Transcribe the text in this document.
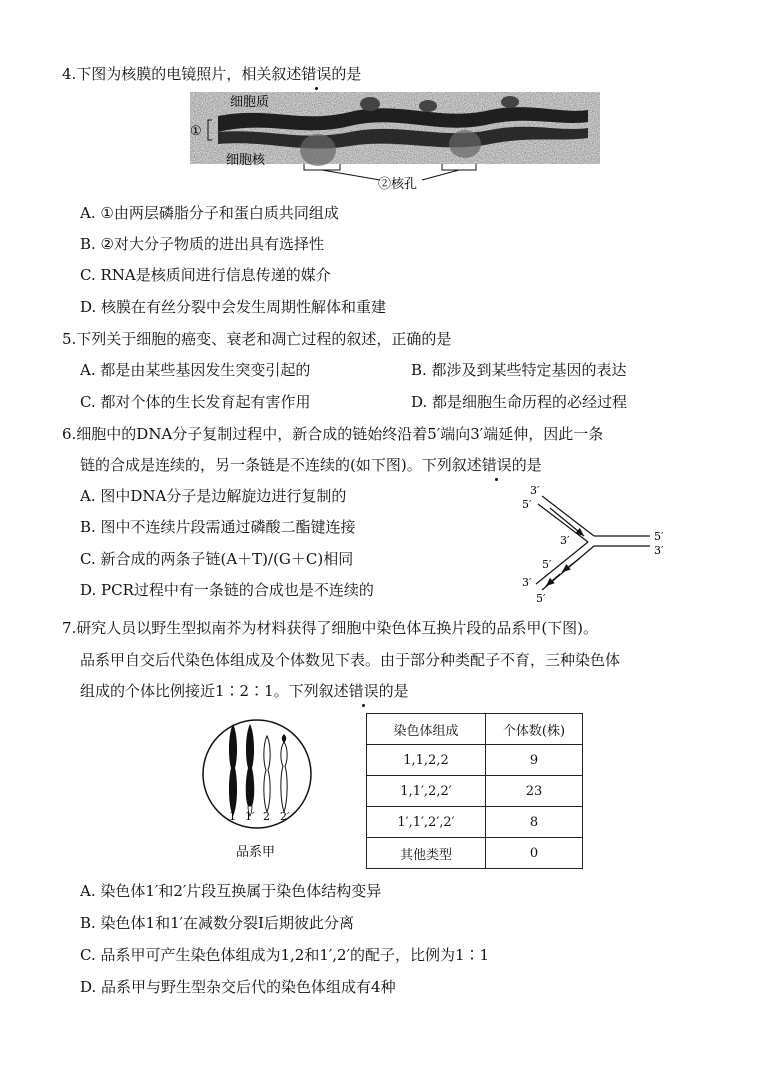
4.下图为核膜的电镜照片，相关叙述错误的是
细胞质
①
细胞核
②核孔
A. ①由两层磷脂分子和蛋白质共同组成
B. ②对大分子物质的进出具有选择性
C. RNA是核质间进行信息传递的媒介
D. 核膜在有丝分裂中会发生周期性解体和重建
5.下列关于细胞的癌变、衰老和凋亡过程的叙述，正确的是
A. 都是由某些基因发生突变引起的	B. 都涉及到某些特定基因的表达
C. 都对个体的生长发育起有害作用	D. 都是细胞生命历程的必经过程
6.细胞中的DNA分子复制过程中，新合成的链始终沿着5′端向3′端延伸，因此一条
链的合成是连续的，另一条链是不连续的(如下图)。下列叙述错误的是
A. 图中DNA分子是边解旋边进行复制的
B. 图中不连续片段需通过磷酸二酯键连接
C. 新合成的两条子链(A＋T)/(G＋C)相同
D. PCR过程中有一条链的合成也是不连续的
3′
5′
3′	5′
3′
5′
3′
5′
7.研究人员以野生型拟南芥为材料获得了细胞中染色体互换片段的品系甲(下图)。
品系甲自交后代染色体组成及个体数见下表。由于部分种类配子不育，三种染色体
组成的个体比例接近1∶2∶1。下列叙述错误的是
1 1′ 2 2′
品系甲
染色体组成	个体数(株)
1,1,2,2	9
1,1′,2,2′	23
1′,1′,2′,2′	8
其他类型	0
A. 染色体1′和2′片段互换属于染色体结构变异
B. 染色体1和1′在减数分裂Ⅰ后期彼此分离
C. 品系甲可产生染色体组成为1,2和1′,2′的配子，比例为1∶1
D. 品系甲与野生型杂交后代的染色体组成有4种
